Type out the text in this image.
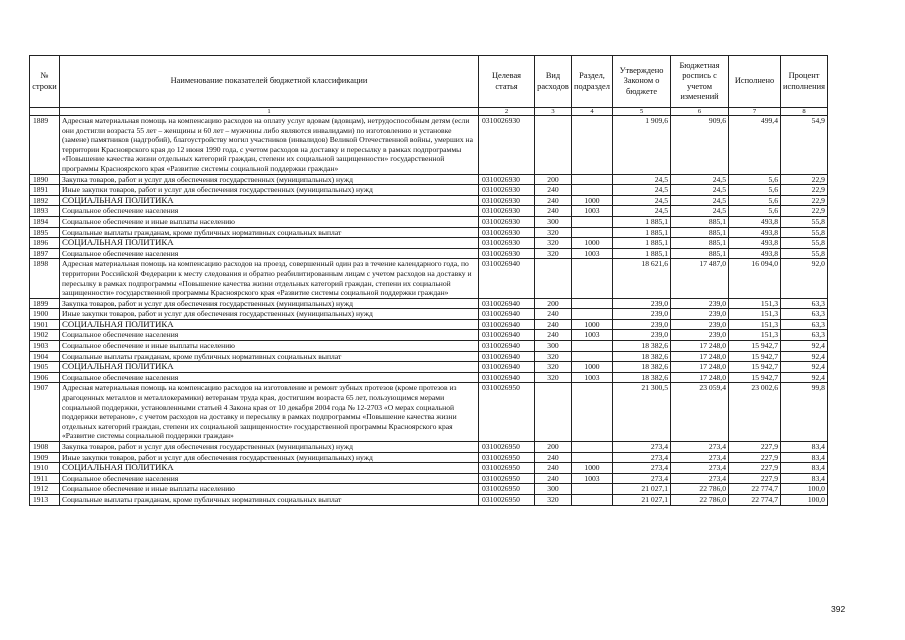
№ строки	Наименование показателей бюджетной классификации	Целевая статья	Вид расходов	Раздел, подраздел	Утверждено Законом о бюджете	Бюджетная роспись с учетом изменений	Исполнено	Процент исполнения
	1	2	3	4	5	6	7	8
1889	Адресная материальная помощь на компенсацию расходов на оплату услуг вдовам (вдовцам), нетрудоспособным детям (если они достигли возраста 55 лет – женщины и 60 лет – мужчины либо являются инвалидами) по изготовлению и установке (замене) памятников (надгробий), благоустройству могил участников (инвалидов) Великой Отечественной войны, умерших на территории Красноярского края до 12 июня 1990 года, с учетом расходов на доставку и пересылку в рамках подпрограммы «Повышение качества жизни отдельных категорий граждан, степени их социальной защищенности» государственной программы Красноярского края «Развитие системы социальной поддержки граждан»	0310026930			1 909,6	909,6	499,4	54,9
1890	Закупка товаров, работ и услуг для обеспечения государственных (муниципальных) нужд	0310026930	200		24,5	24,5	5,6	22,9
1891	Иные закупки товаров, работ и услуг для обеспечения государственных (муниципальных) нужд	0310026930	240		24,5	24,5	5,6	22,9
1892	СОЦИАЛЬНАЯ ПОЛИТИКА	0310026930	240	1000	24,5	24,5	5,6	22,9
1893	Социальное обеспечение населения	0310026930	240	1003	24,5	24,5	5,6	22,9
1894	Социальное обеспечение и иные выплаты населению	0310026930	300		1 885,1	885,1	493,8	55,8
1895	Социальные выплаты гражданам, кроме публичных нормативных социальных выплат	0310026930	320		1 885,1	885,1	493,8	55,8
1896	СОЦИАЛЬНАЯ ПОЛИТИКА	0310026930	320	1000	1 885,1	885,1	493,8	55,8
1897	Социальное обеспечение населения	0310026930	320	1003	1 885,1	885,1	493,8	55,8
1898	Адресная материальная помощь на компенсацию расходов на проезд, совершенный один раз в течение календарного года, по территории Российской Федерации к месту следования и обратно реабилитированным лицам с учетом расходов на доставку и пересылку в рамках подпрограммы «Повышение качества жизни отдельных категорий граждан, степени их социальной защищенности» государственной программы Красноярского края «Развитие системы социальной поддержки граждан»	0310026940			18 621,6	17 487,0	16 094,0	92,0
1899	Закупка товаров, работ и услуг для обеспечения государственных (муниципальных) нужд	0310026940	200		239,0	239,0	151,3	63,3
1900	Иные закупки товаров, работ и услуг для обеспечения государственных (муниципальных) нужд	0310026940	240		239,0	239,0	151,3	63,3
1901	СОЦИАЛЬНАЯ ПОЛИТИКА	0310026940	240	1000	239,0	239,0	151,3	63,3
1902	Социальное обеспечение населения	0310026940	240	1003	239,0	239,0	151,3	63,3
1903	Социальное обеспечение и иные выплаты населению	0310026940	300		18 382,6	17 248,0	15 942,7	92,4
1904	Социальные выплаты гражданам, кроме публичных нормативных социальных выплат	0310026940	320		18 382,6	17 248,0	15 942,7	92,4
1905	СОЦИАЛЬНАЯ ПОЛИТИКА	0310026940	320	1000	18 382,6	17 248,0	15 942,7	92,4
1906	Социальное обеспечение населения	0310026940	320	1003	18 382,6	17 248,0	15 942,7	92,4
1907	Адресная материальная помощь на компенсацию расходов на изготовление и ремонт зубных протезов (кроме протезов из драгоценных металлов и металлокерамики) ветеранам труда края, достигшим возраста 65 лет, пользующимся мерами социальной поддержки, установленными статьей 4 Закона края от 10 декабря 2004 года № 12-2703 «О мерах социальной поддержки ветеранов», с учетом расходов на доставку и пересылку в рамках подпрограммы «Повышение качества жизни отдельных категорий граждан, степени их социальной защищенности» государственной программы Красноярского края «Развитие системы социальной поддержки граждан»	0310026950			21 300,5	23 059,4	23 002,6	99,8
1908	Закупка товаров, работ и услуг для обеспечения государственных (муниципальных) нужд	0310026950	200		273,4	273,4	227,9	83,4
1909	Иные закупки товаров, работ и услуг для обеспечения государственных (муниципальных) нужд	0310026950	240		273,4	273,4	227,9	83,4
1910	СОЦИАЛЬНАЯ ПОЛИТИКА	0310026950	240	1000	273,4	273,4	227,9	83,4
1911	Социальное обеспечение населения	0310026950	240	1003	273,4	273,4	227,9	83,4
1912	Социальное обеспечение и иные выплаты населению	0310026950	300		21 027,1	22 786,0	22 774,7	100,0
1913	Социальные выплаты гражданам, кроме публичных нормативных социальных выплат	0310026950	320		21 027,1	22 786,0	22 774,7	100,0
392
